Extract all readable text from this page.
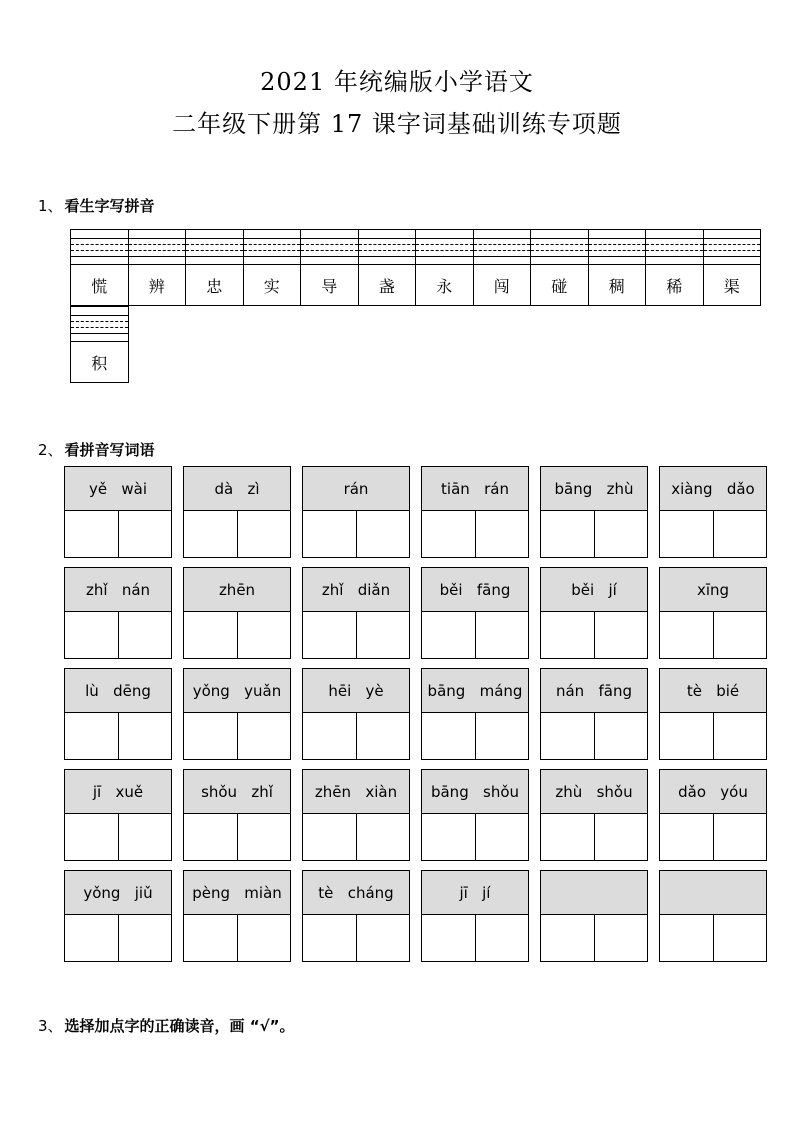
2021 年统编版小学语文
二年级下册第 17 课字词基础训练专项题
1、 看生字写拼音
慌	辨	忠	实	导	盏	永	闯	碰	稠	稀	渠
积
2、 看拼音写词语
yě   wài	dà   zì	rán	tiān   rán	bāng   zhù	xiàng   dǎo
zhǐ   nán	zhēn	zhǐ   diǎn	běi   fāng	běi   jí	xīng
lù   dēng	yǒng   yuǎn	hēi   yè	bāng   máng	nán   fāng	tè   bié
jī   xuě	shǒu   zhǐ	zhēn   xiàn	bāng   shǒu	zhù   shǒu	dǎo   yóu
yǒng   jiǔ	pèng   miàn	tè   cháng	jī   jí
3、 选择加点字的正确读音，画 “√”。
